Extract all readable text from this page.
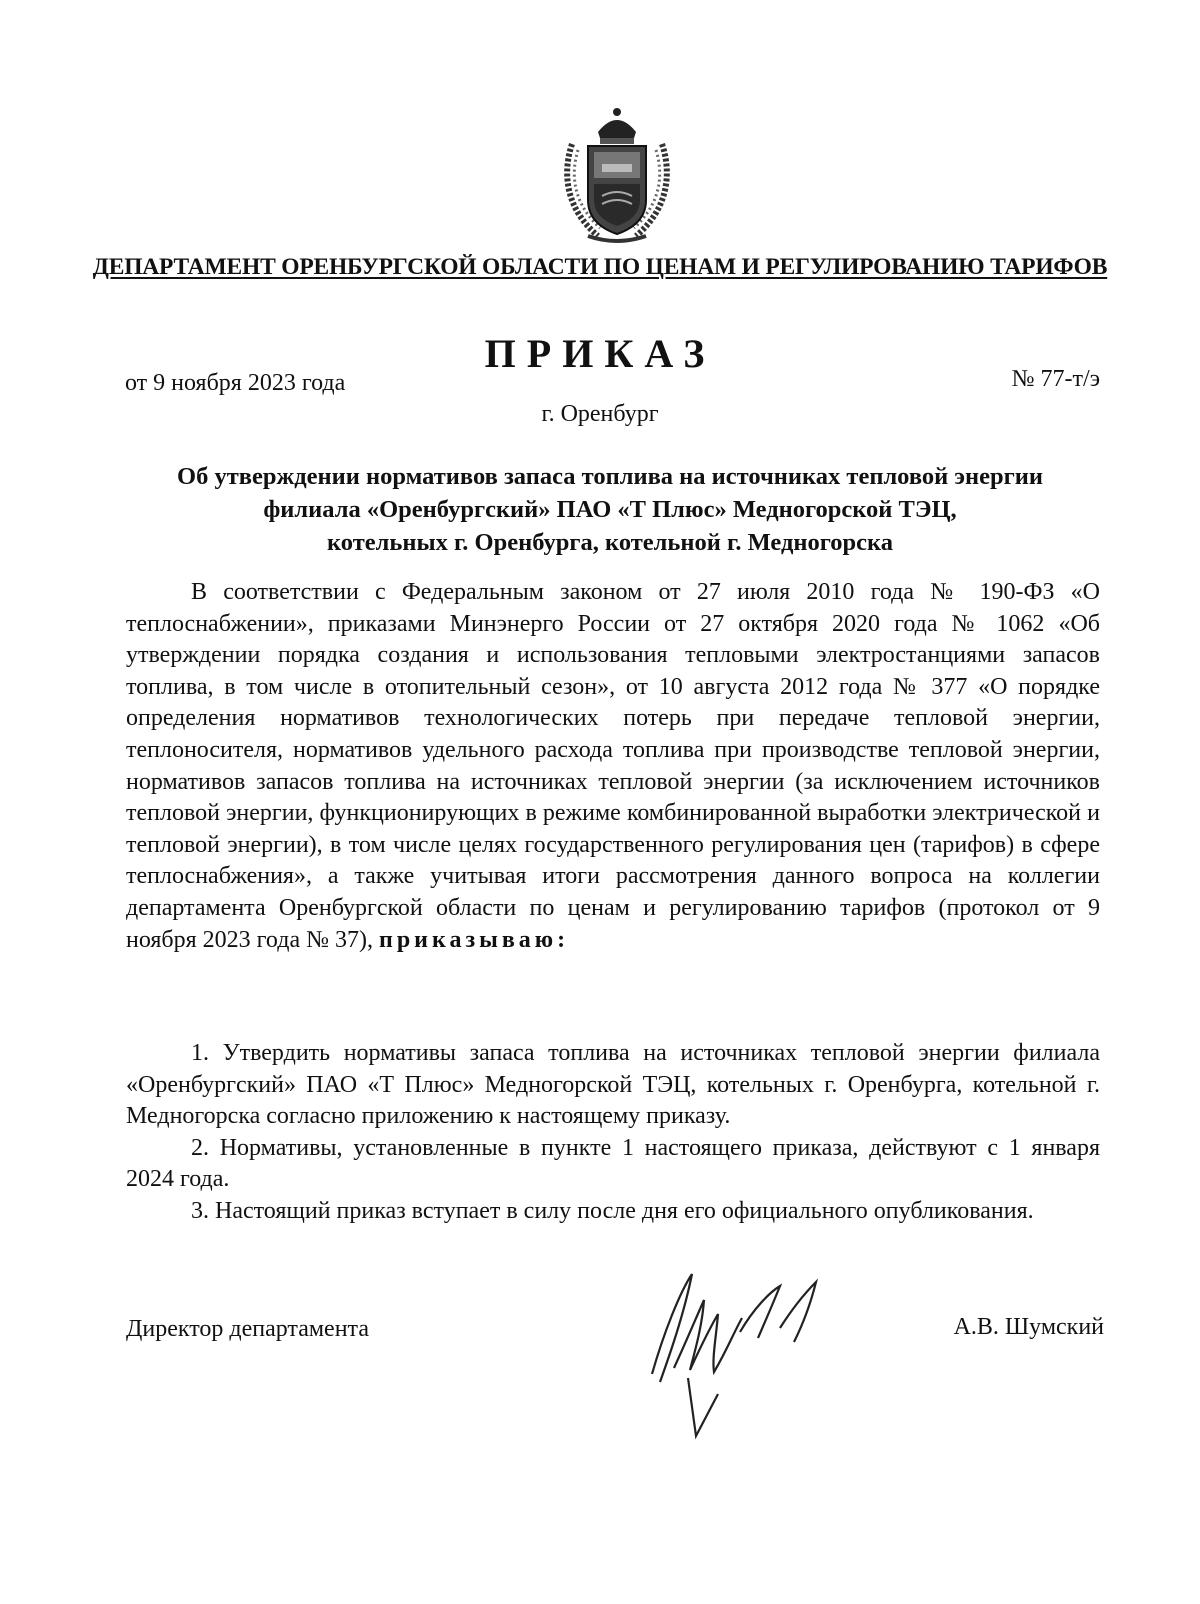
ДЕПАРТАМЕНТ ОРЕНБУРГСКОЙ ОБЛАСТИ ПО ЦЕНАМ И РЕГУЛИРОВАНИЮ ТАРИФОВ
ПРИКАЗ
от 9 ноября 2023 года	№ 77-т/э
г. Оренбург
Об утверждении нормативов запаса топлива на источниках тепловой энергии
филиала «Оренбургский» ПАО «Т Плюс» Медногорской ТЭЦ,
котельных г. Оренбурга, котельной г. Медногорска

В соответствии с Федеральным законом от 27 июля 2010 года № 190-ФЗ «О теплоснабжении», приказами Минэнерго России от 27 октября 2020 года № 1062 «Об утверждении порядка создания и использования тепловыми электростанциями запасов топлива, в том числе в отопительный сезон», от 10 августа 2012 года № 377 «О порядке определения нормативов технологических потерь при передаче тепловой энергии, теплоносителя, нормативов удельного расхода топлива при производстве тепловой энергии, нормативов запасов топлива на источниках тепловой энергии (за исключением источников тепловой энергии, функционирующих в режиме комбинированной выработки электрической и тепловой энергии), в том числе целях государственного регулирования цен (тарифов) в сфере теплоснабжения», а также учитывая итоги рассмотрения данного вопроса на коллегии департамента Оренбургской области по ценам и регулированию тарифов (протокол от 9 ноября 2023 года № 37), приказываю:

1. Утвердить нормативы запаса топлива на источниках тепловой энергии филиала «Оренбургский» ПАО «Т Плюс» Медногорской ТЭЦ, котельных г. Оренбурга, котельной г. Медногорска согласно приложению к настоящему приказу.

2. Нормативы, установленные в пункте 1 настоящего приказа, действуют с 1 января 2024 года.

3. Настоящий приказ вступает в силу после дня его официального опубликования.

Директор департамента	А.В. Шумский
